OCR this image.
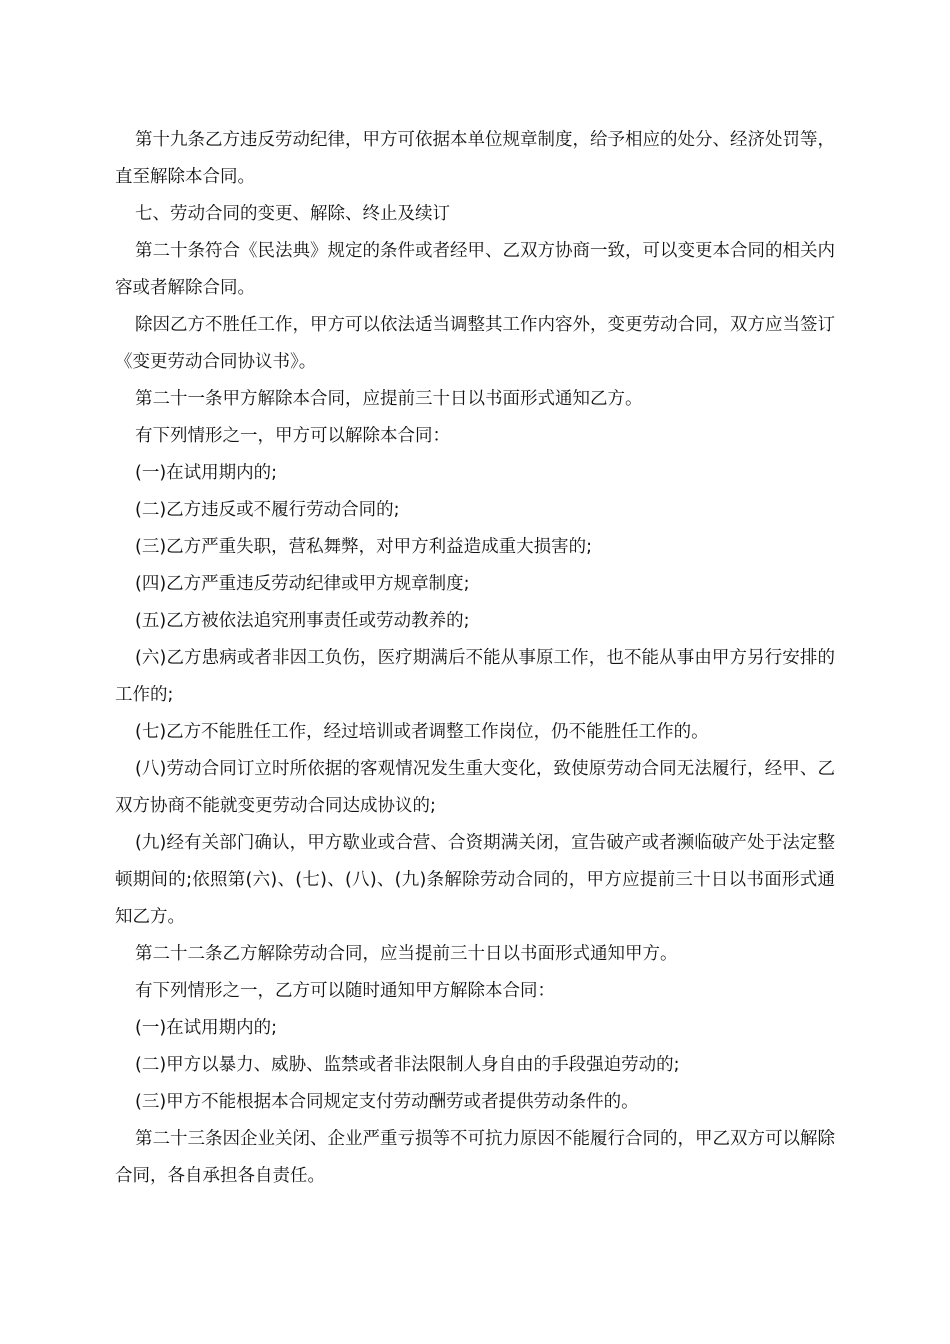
第十九条乙方违反劳动纪律，甲方可依据本单位规章制度，给予相应的处分、经济处罚等，直至解除本合同。

七、劳动合同的变更、解除、终止及续订

第二十条符合《民法典》规定的条件或者经甲、乙双方协商一致，可以变更本合同的相关内容或者解除合同。

除因乙方不胜任工作，甲方可以依法适当调整其工作内容外，变更劳动合同，双方应当签订《变更劳动合同协议书》。

第二十一条甲方解除本合同，应提前三十日以书面形式通知乙方。

有下列情形之一，甲方可以解除本合同：

(一)在试用期内的;

(二)乙方违反或不履行劳动合同的;

(三)乙方严重失职，营私舞弊，对甲方利益造成重大损害的;

(四)乙方严重违反劳动纪律或甲方规章制度;

(五)乙方被依法追究刑事责任或劳动教养的;

(六)乙方患病或者非因工负伤，医疗期满后不能从事原工作，也不能从事由甲方另行安排的工作的;

(七)乙方不能胜任工作，经过培训或者调整工作岗位，仍不能胜任工作的。

(八)劳动合同订立时所依据的客观情况发生重大变化，致使原劳动合同无法履行，经甲、乙双方协商不能就变更劳动合同达成协议的;

(九)经有关部门确认，甲方歇业或合营、合资期满关闭，宣告破产或者濒临破产处于法定整顿期间的;依照第(六)、(七)、(八)、(九)条解除劳动合同的，甲方应提前三十日以书面形式通知乙方。

第二十二条乙方解除劳动合同，应当提前三十日以书面形式通知甲方。

有下列情形之一，乙方可以随时通知甲方解除本合同：

(一)在试用期内的;

(二)甲方以暴力、威胁、监禁或者非法限制人身自由的手段强迫劳动的;

(三)甲方不能根据本合同规定支付劳动酬劳或者提供劳动条件的。

第二十三条因企业关闭、企业严重亏损等不可抗力原因不能履行合同的，甲乙双方可以解除合同，各自承担各自责任。
